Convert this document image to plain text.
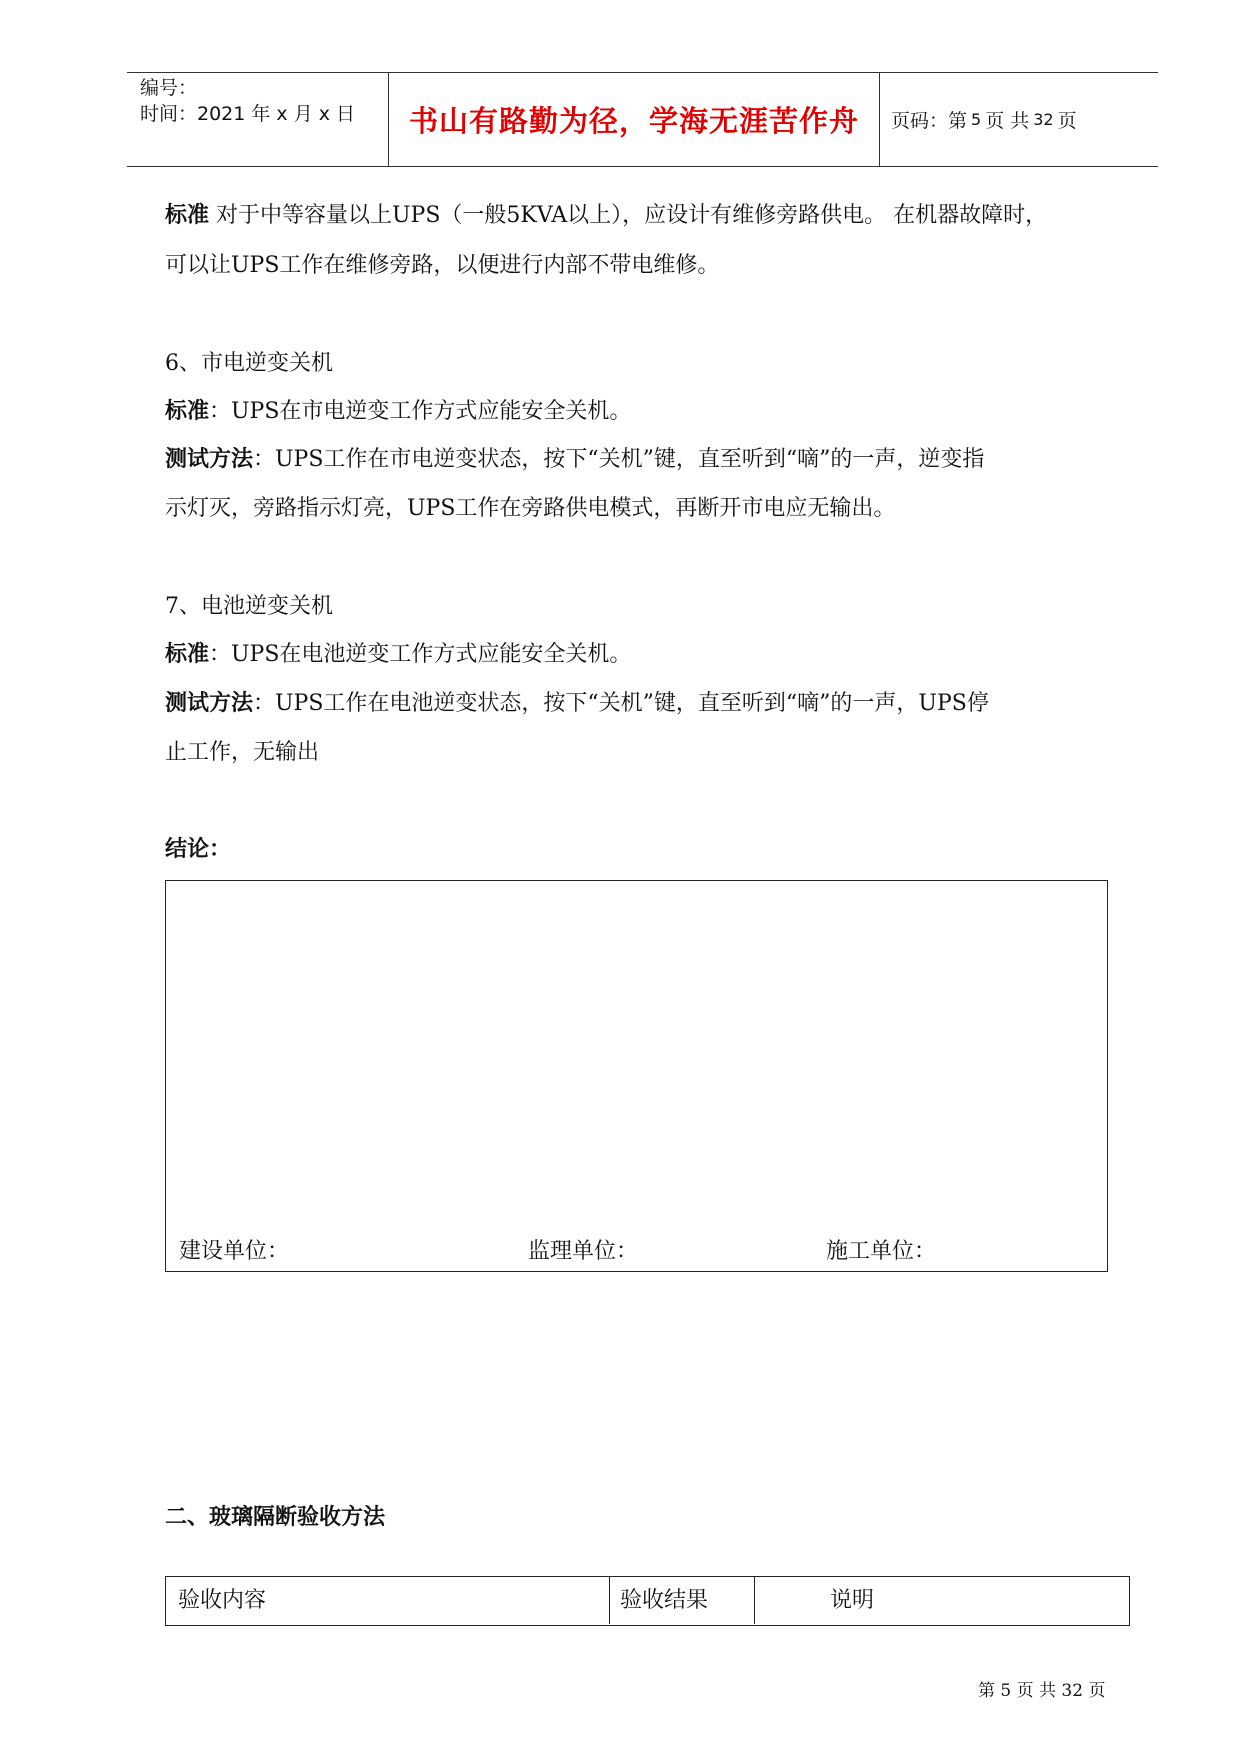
编号：
时间：2021 年 x 月 x 日	书山有路勤为径，学海无涯苦作舟	页码：第 5 页 共 32 页
标准 对于中等容量以上UPS（一般5KVA以上），应设计有维修旁路供电。 在机器故障时，
可以让UPS工作在维修旁路，以便进行内部不带电维修。
6、市电逆变关机
标准：UPS在市电逆变工作方式应能安全关机。
测试方法：UPS工作在市电逆变状态，按下“关机”键，直至听到“嘀”的一声，逆变指
示灯灭，旁路指示灯亮，UPS工作在旁路供电模式，再断开市电应无输出。
7、电池逆变关机
标准：UPS在电池逆变工作方式应能安全关机。
测试方法：UPS工作在电池逆变状态，按下“关机”键，直至听到“嘀”的一声，UPS停
止工作，无输出
结论：
建设单位：	监理单位：	施工单位：
二、玻璃隔断验收方法
验收内容	验收结果	说明
第 5 页 共 32 页
